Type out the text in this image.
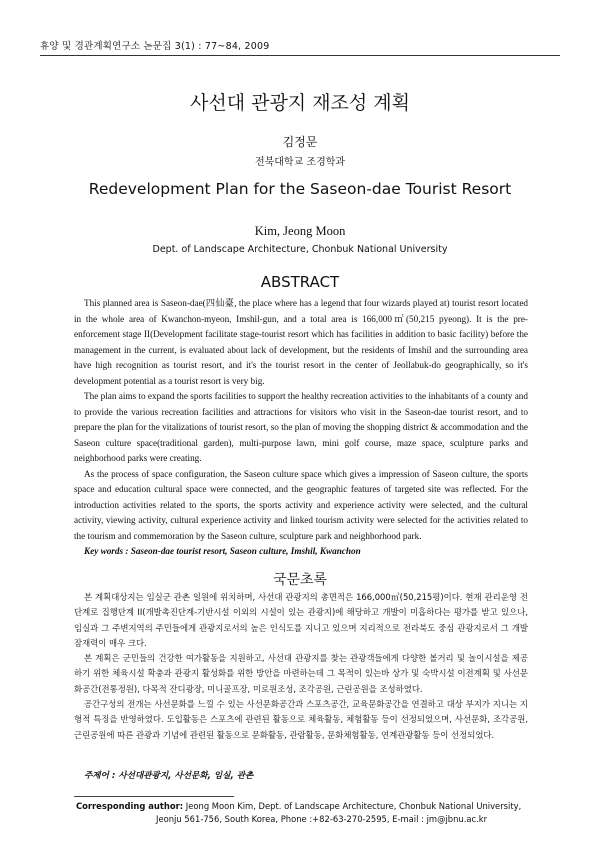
휴양 및 경관계획연구소 논문집 3(1) : 77~84, 2009
사선대 관광지 재조성 계획
김정문
전북대학교 조경학과
Redevelopment Plan for the Saseon-dae Tourist Resort
Kim, Jeong Moon
Dept. of Landscape Architecture, Chonbuk National University
ABSTRACT

This planned area is Saseon-dae(四仙臺, the place where has a legend that four wizards played at) tourist resort located in the whole area of Kwanchon-myeon, Imshil-gun, and a total area is 166,000㎡(50,215 pyeong). It is the pre-enforcement stage II(Development facilitate stage-tourist resort which has facilities in addition to basic facility) before the management in the current, is evaluated about lack of development, but the residents of Imshil and the surrounding area have high recognition as tourist resort, and it's the tourist resort in the center of Jeollabuk-do geographically, so it's development potential as a tourist resort is very big.

The plan aims to expand the sports facilities to support the healthy recreation activities to the inhabitants of a county and to provide the various recreation facilities and attractions for visitors who visit in the Saseon-dae tourist resort, and to prepare the plan for the vitalizations of tourist resort, so the plan of moving the shopping district & accommodation and the Saseon culture space(traditional garden), multi-purpose lawn, mini golf course, maze space, sculpture parks and neighborhood parks were creating.

As the process of space configuration, the Saseon culture space which gives a impression of Saseon culture, the sports space and education cultural space were connected, and the geographic features of targeted site was reflected. For the introduction activities related to the sports, the sports activity and experience activity were selected, and the cultural activity, viewing activity, cultural experience activity and linked tourism activity were selected for the activities related to the tourism and commemoration by the Saseon culture, sculpture park and neighborhood park.

Key words : Saseon-dae tourist resort, Saseon culture, Imshil, Kwanchon
국문초록

본 계획대상지는 임실군 관촌 일원에 위치하며, 사선대 관광지의 총면적은 166,000㎡(50,215평)이다. 현재 관리운영 전단계로 집행단계 II(개발촉진단계-기반시설 이외의 시설이 있는 관광지)에 해당하고 개발이 미흡하다는 평가를 받고 있으나, 임실과 그 주변지역의 주민들에게 관광지로서의 높은 인식도를 지니고 있으며 지리적으로 전라북도 중심 관광지로서 그 개발 잠재력이 매우 크다.

본 계획은 군민들의 건강한 여가활동을 지원하고, 사선대 관광지를 찾는 관광객들에게 다양한 볼거리 및 놀이시설을 제공하기 위한 체육시설 확충과 관광지 활성화를 위한 방안을 마련하는데 그 목적이 있는바 상가 및 숙박시설 이전계획 및 사선문화공간(전통정원), 다목적 잔디광장, 미니골프장, 미로원조성, 조각공원, 근린공원을 조성하였다.

공간구성의 전개는 사선문화를 느낄 수 있는 사선문화공간과 스포츠공간, 교육문화공간을 연결하고 대상 부지가 지니는 지형적 특징을 반영하였다. 도입활동은 스포츠에 관련된 활동으로 체육활동, 체험활동 등이 선정되었으며, 사선문화, 조각공원, 근린공원에 따른 관광과 기념에 관련된 활동으로 문화활동, 관람활동, 문화체험활동, 연계관광활동 등이 선정되었다.

주제어 : 사선대관광지, 사선문화, 임실, 관촌
Corresponding author: Jeong Moon Kim, Dept. of Landscape Architecture, Chonbuk National University,
Jeonju 561-756, South Korea, Phone :+82-63-270-2595, E-mail : jm@jbnu.ac.kr
